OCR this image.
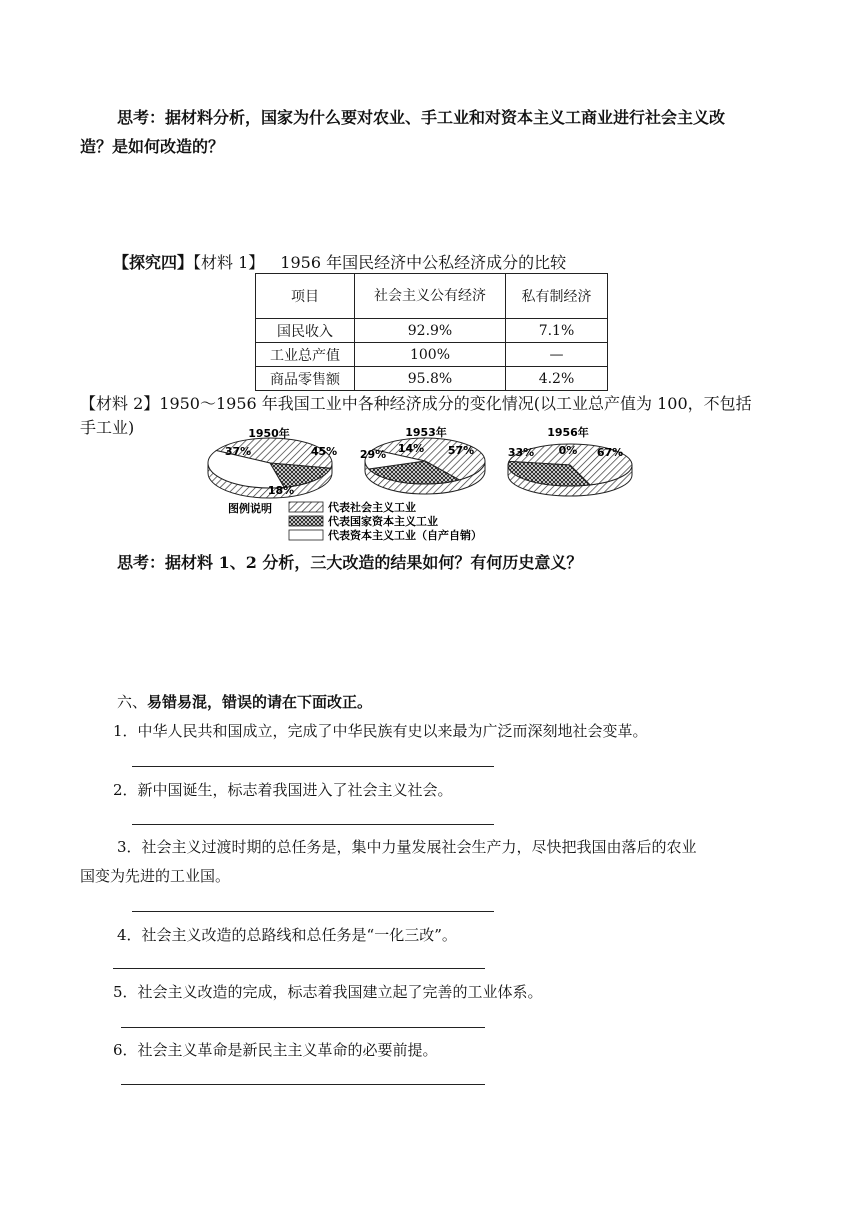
思考：据材料分析，国家为什么要对农业、手工业和对资本主义工商业进行社会主义改
造？是如何改造的？
【探究四】【材料 1】 1956 年国民经济中公私经济成分的比较
项目	社会主义公有经济	私有制经济
国民收入	92.9%	7.1%
工业总产值	100%	—
商品零售额	95.8%	4.2%
【材料 2】1950～1956 年我国工业中各种经济成分的变化情况(以工业总产值为 100，不包括
手工业)	1950年
37%	45%
18%
1953年
29% 14% 57%
1956年
33% 0% 67%
图例说明	代表社会主义工业
代表国家资本主义工业
代表资本主义工业（自产自销）
思考：据材料 1、2 分析，三大改造的结果如何？有何历史意义？
六、易错易混，错误的请在下面改正。
1．中华人民共和国成立，完成了中华民族有史以来最为广泛而深刻地社会变革。
2．新中国诞生，标志着我国进入了社会主义社会。
3．社会主义过渡时期的总任务是，集中力量发展社会生产力，尽快把我国由落后的农业
国变为先进的工业国。
4．社会主义改造的总路线和总任务是“一化三改”。
5．社会主义改造的完成，标志着我国建立起了完善的工业体系。
6．社会主义革命是新民主主义革命的必要前提。
